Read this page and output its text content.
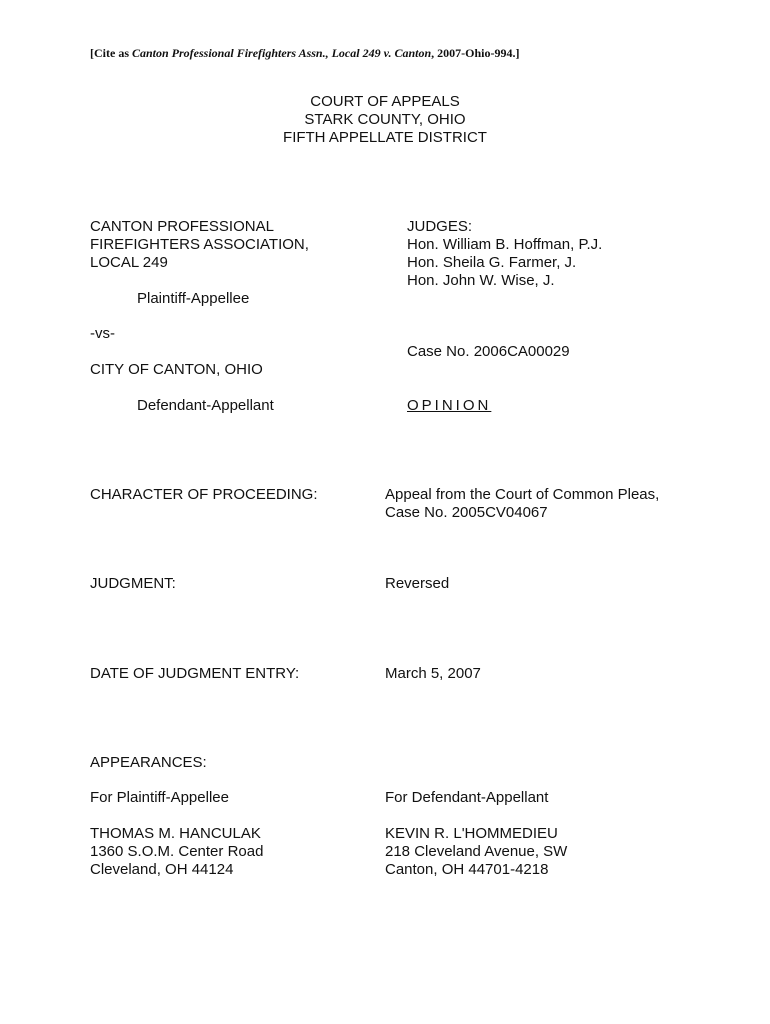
[Cite as Canton Professional Firefighters Assn., Local 249 v. Canton, 2007-Ohio-994.]
COURT OF APPEALS
STARK COUNTY, OHIO
FIFTH APPELLATE DISTRICT
CANTON PROFESSIONAL
FIREFIGHTERS ASSOCIATION,
LOCAL 249
Plaintiff-Appellee
-vs-
CITY OF CANTON, OHIO
Defendant-Appellant
JUDGES:
Hon. William B. Hoffman, P.J.
Hon. Sheila G. Farmer, J.
Hon. John W. Wise, J.
Case No. 2006CA00029
OPINION
CHARACTER OF PROCEEDING:	Appeal from the Court of Common Pleas,
Case No. 2005CV04067
JUDGMENT:	Reversed
DATE OF JUDGMENT ENTRY:	March 5, 2007
APPEARANCES:
For Plaintiff-Appellee
THOMAS M. HANCULAK
1360 S.O.M. Center Road
Cleveland, OH 44124
For Defendant-Appellant
KEVIN R. L'HOMMEDIEU
218 Cleveland Avenue, SW
Canton, OH 44701-4218
